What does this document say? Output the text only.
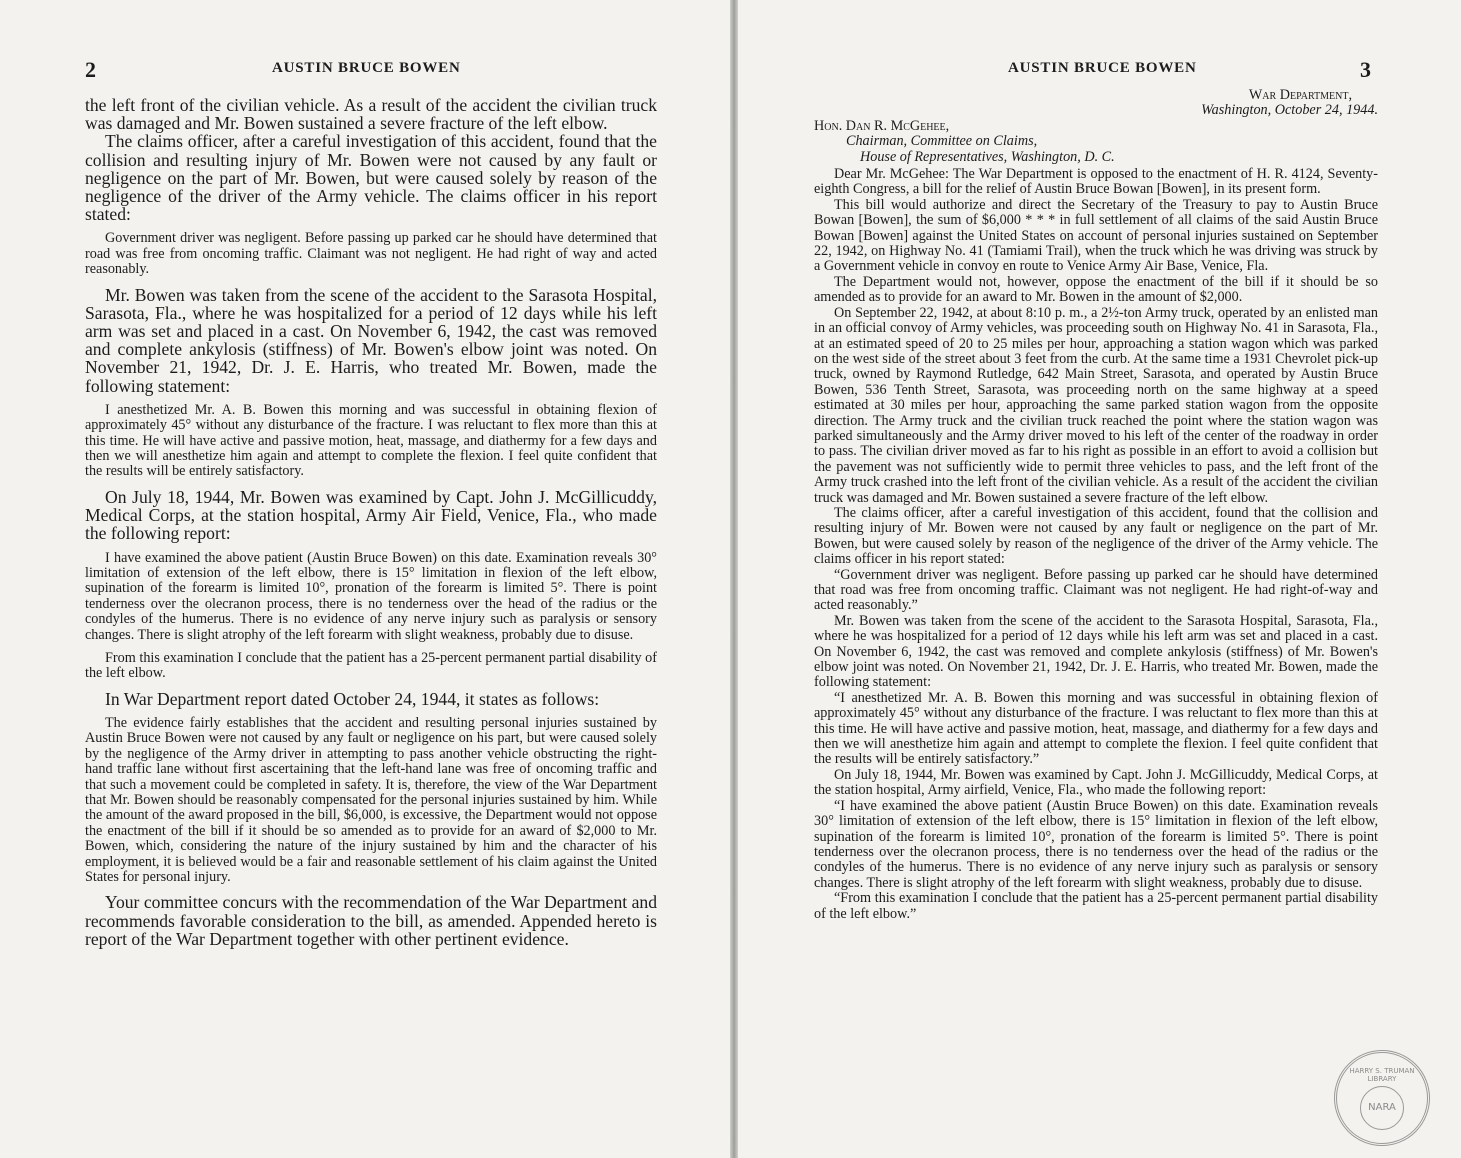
2	AUSTIN BRUCE BOWEN

the left front of the civilian vehicle. As a result of the accident the civilian truck was damaged and Mr. Bowen sustained a severe fracture of the left elbow.

The claims officer, after a careful investigation of this accident, found that the collision and resulting injury of Mr. Bowen were not caused by any fault or negligence on the part of Mr. Bowen, but were caused solely by reason of the negligence of the driver of the Army vehicle. The claims officer in his report stated:

Government driver was negligent. Before passing up parked car he should have determined that road was free from oncoming traffic. Claimant was not negligent. He had right of way and acted reasonably.

Mr. Bowen was taken from the scene of the accident to the Sarasota Hospital, Sarasota, Fla., where he was hospitalized for a period of 12 days while his left arm was set and placed in a cast. On November 6, 1942, the cast was removed and complete ankylosis (stiffness) of Mr. Bowen's elbow joint was noted. On November 21, 1942, Dr. J. E. Harris, who treated Mr. Bowen, made the following statement:

I anesthetized Mr. A. B. Bowen this morning and was successful in obtaining flexion of approximately 45° without any disturbance of the fracture. I was reluctant to flex more than this at this time. He will have active and passive motion, heat, massage, and diathermy for a few days and then we will anesthetize him again and attempt to complete the flexion. I feel quite confident that the results will be entirely satisfactory.

On July 18, 1944, Mr. Bowen was examined by Capt. John J. McGillicuddy, Medical Corps, at the station hospital, Army Air Field, Venice, Fla., who made the following report:

I have examined the above patient (Austin Bruce Bowen) on this date. Examination reveals 30° limitation of extension of the left elbow, there is 15° limitation in flexion of the left elbow, supination of the forearm is limited 10°, pronation of the forearm is limited 5°. There is point tenderness over the olecranon process, there is no tenderness over the head of the radius or the condyles of the humerus. There is no evidence of any nerve injury such as paralysis or sensory changes. There is slight atrophy of the left forearm with slight weakness, probably due to disuse.

From this examination I conclude that the patient has a 25-percent permanent partial disability of the left elbow.

In War Department report dated October 24, 1944, it states as follows:

The evidence fairly establishes that the accident and resulting personal injuries sustained by Austin Bruce Bowen were not caused by any fault or negligence on his part, but were caused solely by the negligence of the Army driver in attempting to pass another vehicle obstructing the right-hand traffic lane without first ascertaining that the left-hand lane was free of oncoming traffic and that such a movement could be completed in safety. It is, therefore, the view of the War Department that Mr. Bowen should be reasonably compensated for the personal injuries sustained by him. While the amount of the award proposed in the bill, $6,000, is excessive, the Department would not oppose the enactment of the bill if it should be so amended as to provide for an award of $2,000 to Mr. Bowen, which, considering the nature of the injury sustained by him and the character of his employment, it is believed would be a fair and reasonable settlement of his claim against the United States for personal injury.

Your committee concurs with the recommendation of the War Department and recommends favorable consideration to the bill, as amended. Appended hereto is report of the War Department together with other pertinent evidence.

AUSTIN BRUCE BOWEN	3
War Department,
Washington, October 24, 1944.
Hon. Dan R. McGehee,
Chairman, Committee on Claims,
House of Representatives, Washington, D. C.

Dear Mr. McGehee: The War Department is opposed to the enactment of H. R. 4124, Seventy-eighth Congress, a bill for the relief of Austin Bruce Bowan [Bowen], in its present form.

This bill would authorize and direct the Secretary of the Treasury to pay to Austin Bruce Bowan [Bowen], the sum of $6,000 * * * in full settlement of all claims of the said Austin Bruce Bowan [Bowen] against the United States on account of personal injuries sustained on September 22, 1942, on Highway No. 41 (Tamiami Trail), when the truck which he was driving was struck by a Government vehicle in convoy en route to Venice Army Air Base, Venice, Fla.

The Department would not, however, oppose the enactment of the bill if it should be so amended as to provide for an award to Mr. Bowen in the amount of $2,000.

On September 22, 1942, at about 8:10 p. m., a 2½-ton Army truck, operated by an enlisted man in an official convoy of Army vehicles, was proceeding south on Highway No. 41 in Sarasota, Fla., at an estimated speed of 20 to 25 miles per hour, approaching a station wagon which was parked on the west side of the street about 3 feet from the curb. At the same time a 1931 Chevrolet pick-up truck, owned by Raymond Rutledge, 642 Main Street, Sarasota, and operated by Austin Bruce Bowen, 536 Tenth Street, Sarasota, was proceeding north on the same highway at a speed estimated at 30 miles per hour, approaching the same parked station wagon from the opposite direction. The Army truck and the civilian truck reached the point where the station wagon was parked simultaneously and the Army driver moved to his left of the center of the roadway in order to pass. The civilian driver moved as far to his right as possible in an effort to avoid a collision but the pavement was not sufficiently wide to permit three vehicles to pass, and the left front of the Army truck crashed into the left front of the civilian vehicle. As a result of the accident the civilian truck was damaged and Mr. Bowen sustained a severe fracture of the left elbow.

The claims officer, after a careful investigation of this accident, found that the collision and resulting injury of Mr. Bowen were not caused by any fault or negligence on the part of Mr. Bowen, but were caused solely by reason of the negligence of the driver of the Army vehicle. The claims officer in his report stated:

“Government driver was negligent. Before passing up parked car he should have determined that road was free from oncoming traffic. Claimant was not negligent. He had right-of-way and acted reasonably.”

Mr. Bowen was taken from the scene of the accident to the Sarasota Hospital, Sarasota, Fla., where he was hospitalized for a period of 12 days while his left arm was set and placed in a cast. On November 6, 1942, the cast was removed and complete ankylosis (stiffness) of Mr. Bowen's elbow joint was noted. On November 21, 1942, Dr. J. E. Harris, who treated Mr. Bowen, made the following statement:

“I anesthetized Mr. A. B. Bowen this morning and was successful in obtaining flexion of approximately 45° without any disturbance of the fracture. I was reluctant to flex more than this at this time. He will have active and passive motion, heat, massage, and diathermy for a few days and then we will anesthetize him again and attempt to complete the flexion. I feel quite confident that the results will be entirely satisfactory.”

On July 18, 1944, Mr. Bowen was examined by Capt. John J. McGillicuddy, Medical Corps, at the station hospital, Army airfield, Venice, Fla., who made the following report:

“I have examined the above patient (Austin Bruce Bowen) on this date. Examination reveals 30° limitation of extension of the left elbow, there is 15° limitation in flexion of the left elbow, supination of the forearm is limited 10°, pronation of the forearm is limited 5°. There is point tenderness over the olecranon process, there is no tenderness over the head of the radius or the condyles of the humerus. There is no evidence of any nerve injury such as paralysis or sensory changes. There is slight atrophy of the left forearm with slight weakness, probably due to disuse.

“From this examination I conclude that the patient has a 25-percent permanent partial disability of the left elbow.”

HARRY S. TRUMAN LIBRARY
NARA
